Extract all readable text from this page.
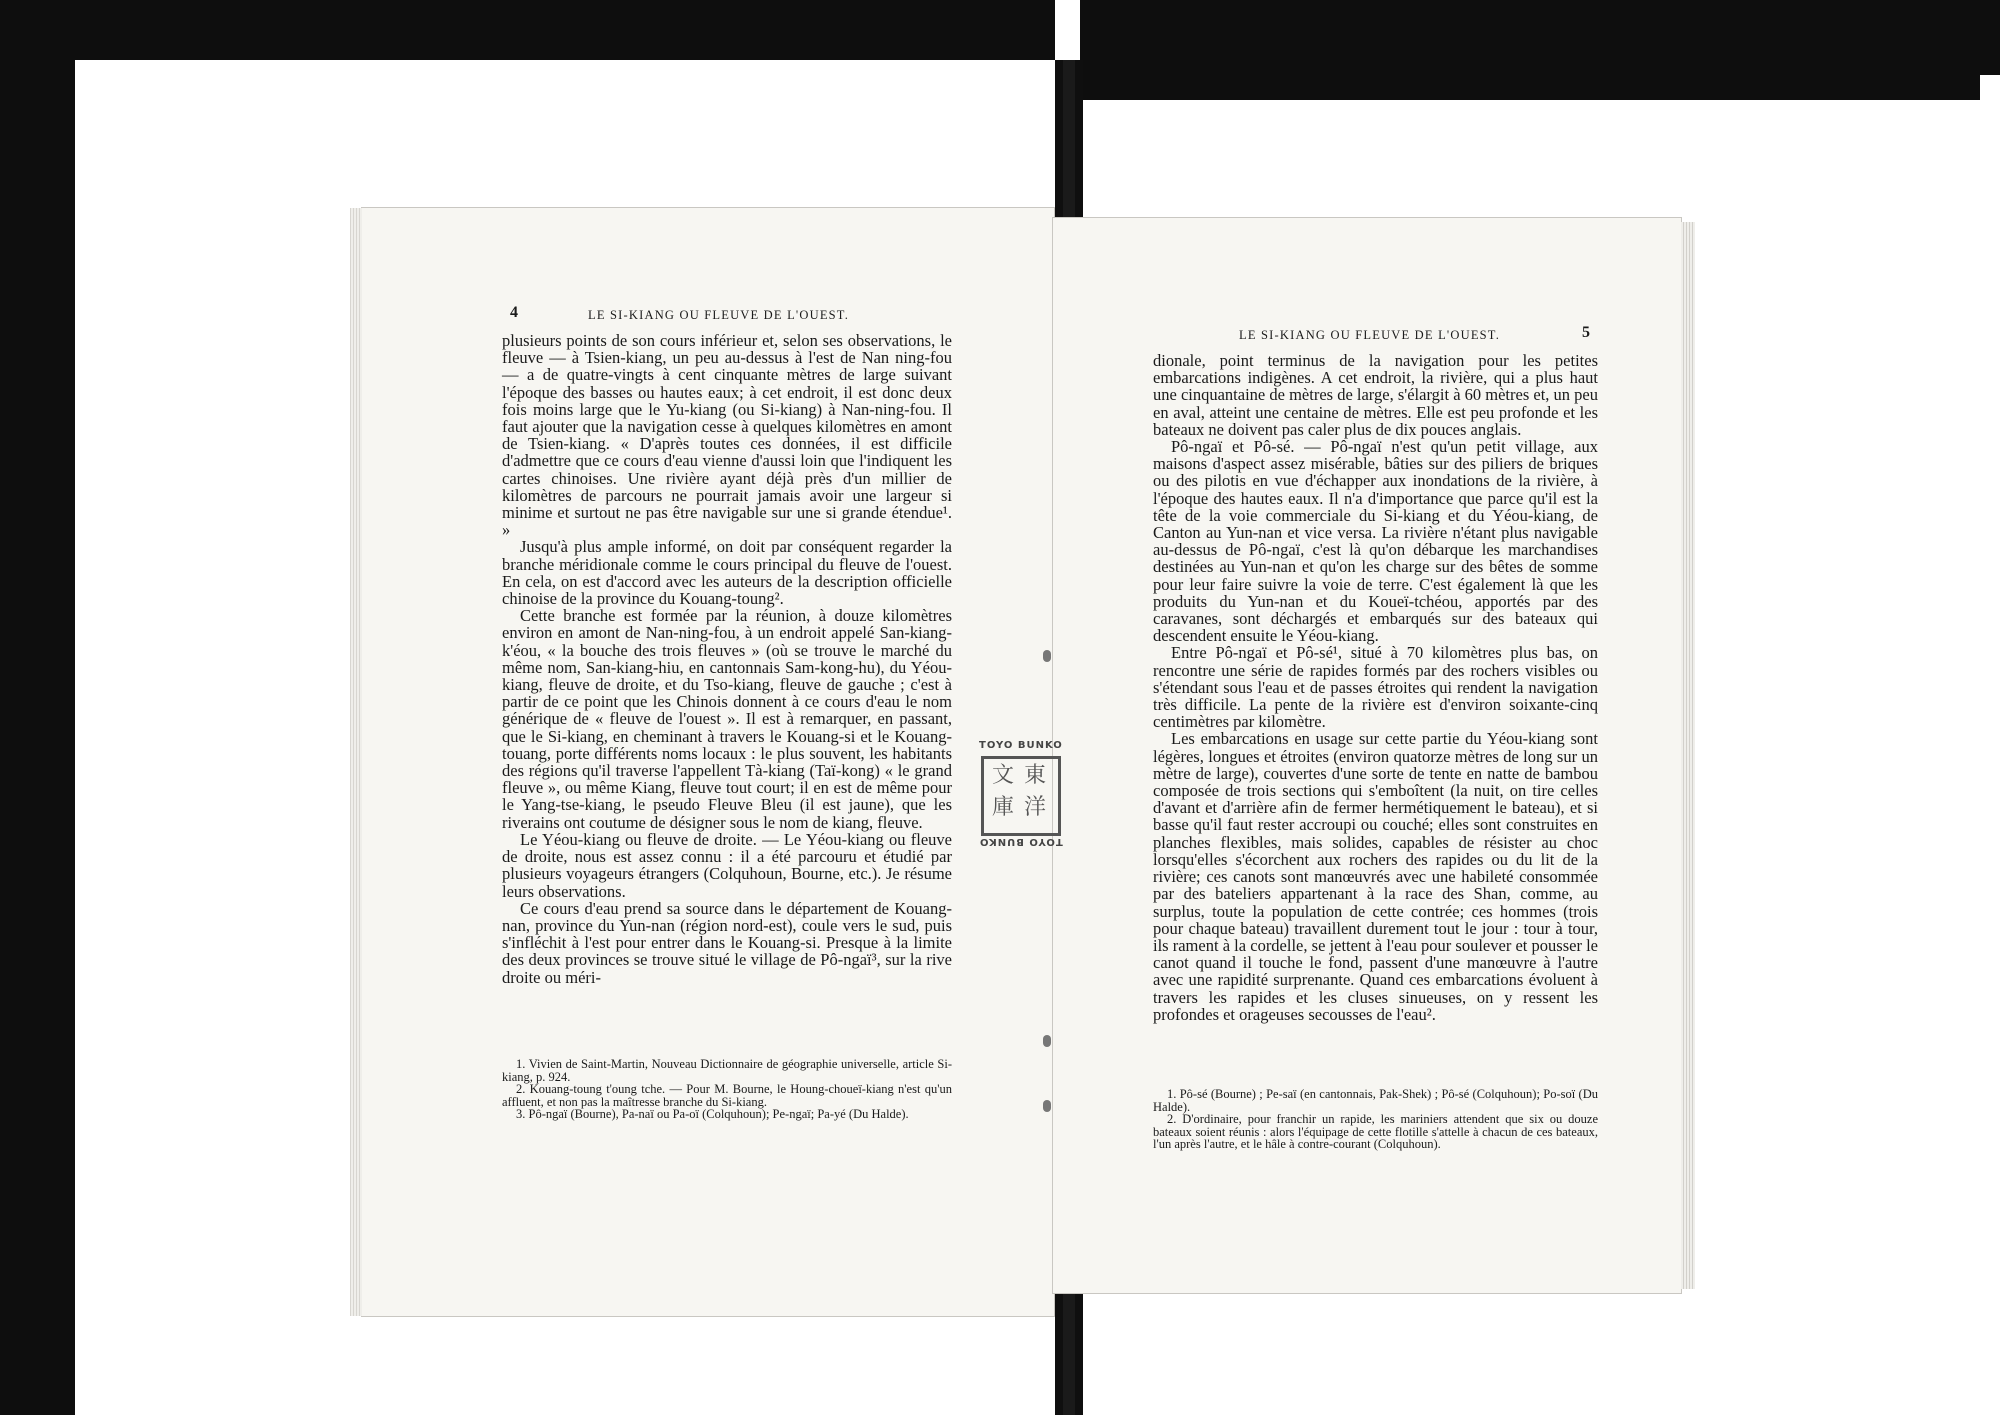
4	LE SI-KIANG OU FLEUVE DE L'OUEST.

plusieurs points de son cours inférieur et, selon ses observations, le fleuve — à Tsien-kiang, un peu au-dessus à l'est de Nan ning-fou — a de quatre-vingts à cent cinquante mètres de large suivant l'époque des basses ou hautes eaux; à cet endroit, il est donc deux fois moins large que le Yu-kiang (ou Si-kiang) à Nan-ning-fou. Il faut ajouter que la navigation cesse à quelques kilomètres en amont de Tsien-kiang. « D'après toutes ces données, il est difficile d'admettre que ce cours d'eau vienne d'aussi loin que l'indiquent les cartes chinoises. Une rivière ayant déjà près d'un millier de kilomètres de parcours ne pourrait jamais avoir une largeur si minime et surtout ne pas être navigable sur une si grande étendue¹. »

Jusqu'à plus ample informé, on doit par conséquent regarder la branche méridionale comme le cours principal du fleuve de l'ouest. En cela, on est d'accord avec les auteurs de la description officielle chinoise de la province du Kouang-toung².

Cette branche est formée par la réunion, à douze kilomètres environ en amont de Nan-ning-fou, à un endroit appelé San-kiang-k'éou, « la bouche des trois fleuves » (où se trouve le marché du même nom, San-kiang-hiu, en cantonnais Sam-kong-hu), du Yéou-kiang, fleuve de droite, et du Tso-kiang, fleuve de gauche ; c'est à partir de ce point que les Chinois donnent à ce cours d'eau le nom générique de « fleuve de l'ouest ». Il est à remarquer, en passant, que le Si-kiang, en cheminant à travers le Kouang-si et le Kouang-touang, porte différents noms locaux : le plus souvent, les habitants des régions qu'il traverse l'appellent Tà-kiang (Taï-kong) « le grand fleuve », ou même Kiang, fleuve tout court; il en est de même pour le Yang-tse-kiang, le pseudo Fleuve Bleu (il est jaune), que les riverains ont coutume de désigner sous le nom de kiang, fleuve.

Le Yéou-kiang ou fleuve de droite. — Le Yéou-kiang ou fleuve de droite, nous est assez connu : il a été parcouru et étudié par plusieurs voyageurs étrangers (Colquhoun, Bourne, etc.). Je résume leurs observations.

Ce cours d'eau prend sa source dans le département de Kouang-nan, province du Yun-nan (région nord-est), coule vers le sud, puis s'infléchit à l'est pour entrer dans le Kouang-si. Presque à la limite des deux provinces se trouve situé le village de Pô-ngaï³, sur la rive droite ou méri-

1. Vivien de Saint-Martin, Nouveau Dictionnaire de géographie universelle, article Si-kiang, p. 924.

2. Kouang-toung t'oung tche. — Pour M. Bourne, le Houng-choueï-kiang n'est qu'un affluent, et non pas la maîtresse branche du Si-kiang.

3. Pô-ngaï (Bourne), Pa-naï ou Pa-oï (Colquhoun); Pe-ngaï; Pa-yé (Du Halde).

LE SI-KIANG OU FLEUVE DE L'OUEST.	5

dionale, point terminus de la navigation pour les petites embarcations indigènes. A cet endroit, la rivière, qui a plus haut une cinquantaine de mètres de large, s'élargit à 60 mètres et, un peu en aval, atteint une centaine de mètres. Elle est peu profonde et les bateaux ne doivent pas caler plus de dix pouces anglais.

Pô-ngaï et Pô-sé. — Pô-ngaï n'est qu'un petit village, aux maisons d'aspect assez misérable, bâties sur des piliers de briques ou des pilotis en vue d'échapper aux inondations de la rivière, à l'époque des hautes eaux. Il n'a d'importance que parce qu'il est la tête de la voie commerciale du Si-kiang et du Yéou-kiang, de Canton au Yun-nan et vice versa. La rivière n'étant plus navigable au-dessus de Pô-ngaï, c'est là qu'on débarque les marchandises destinées au Yun-nan et qu'on les charge sur des bêtes de somme pour leur faire suivre la voie de terre. C'est également là que les produits du Yun-nan et du Koueï-tchéou, apportés par des caravanes, sont déchargés et embarqués sur des bateaux qui descendent ensuite le Yéou-kiang.

Entre Pô-ngaï et Pô-sé¹, situé à 70 kilomètres plus bas, on rencontre une série de rapides formés par des rochers visibles ou s'étendant sous l'eau et de passes étroites qui rendent la navigation très difficile. La pente de la rivière est d'environ soixante-cinq centimètres par kilomètre.

Les embarcations en usage sur cette partie du Yéou-kiang sont légères, longues et étroites (environ quatorze mètres de long sur un mètre de large), couvertes d'une sorte de tente en natte de bambou composée de trois sections qui s'emboîtent (la nuit, on tire celles d'avant et d'arrière afin de fermer hermétiquement le bateau), et si basse qu'il faut rester accroupi ou couché; elles sont construites en planches flexibles, mais solides, capables de résister au choc lorsqu'elles s'écorchent aux rochers des rapides ou du lit de la rivière; ces canots sont manœuvrés avec une habileté consommée par des bateliers appartenant à la race des Shan, comme, au surplus, toute la population de cette contrée; ces hommes (trois pour chaque bateau) travaillent durement tout le jour : tour à tour, ils rament à la cordelle, se jettent à l'eau pour soulever et pousser le canot quand il touche le fond, passent d'une manœuvre à l'autre avec une rapidité surprenante. Quand ces embarcations évoluent à travers les rapides et les cluses sinueuses, on y ressent les profondes et orageuses secousses de l'eau².

1. Pô-sé (Bourne) ; Pe-saï (en cantonnais, Pak-Shek) ; Pô-sé (Colquhoun); Po-soï (Du Halde).

2. D'ordinaire, pour franchir un rapide, les mariniers attendent que six ou douze bateaux soient réunis : alors l'équipage de cette flotille s'attelle à chacun de ces bateaux, l'un après l'autre, et le hâle à contre-courant (Colquhoun).

TOYO BUNKO
東
洋
文
庫
TOYO BUNKO
